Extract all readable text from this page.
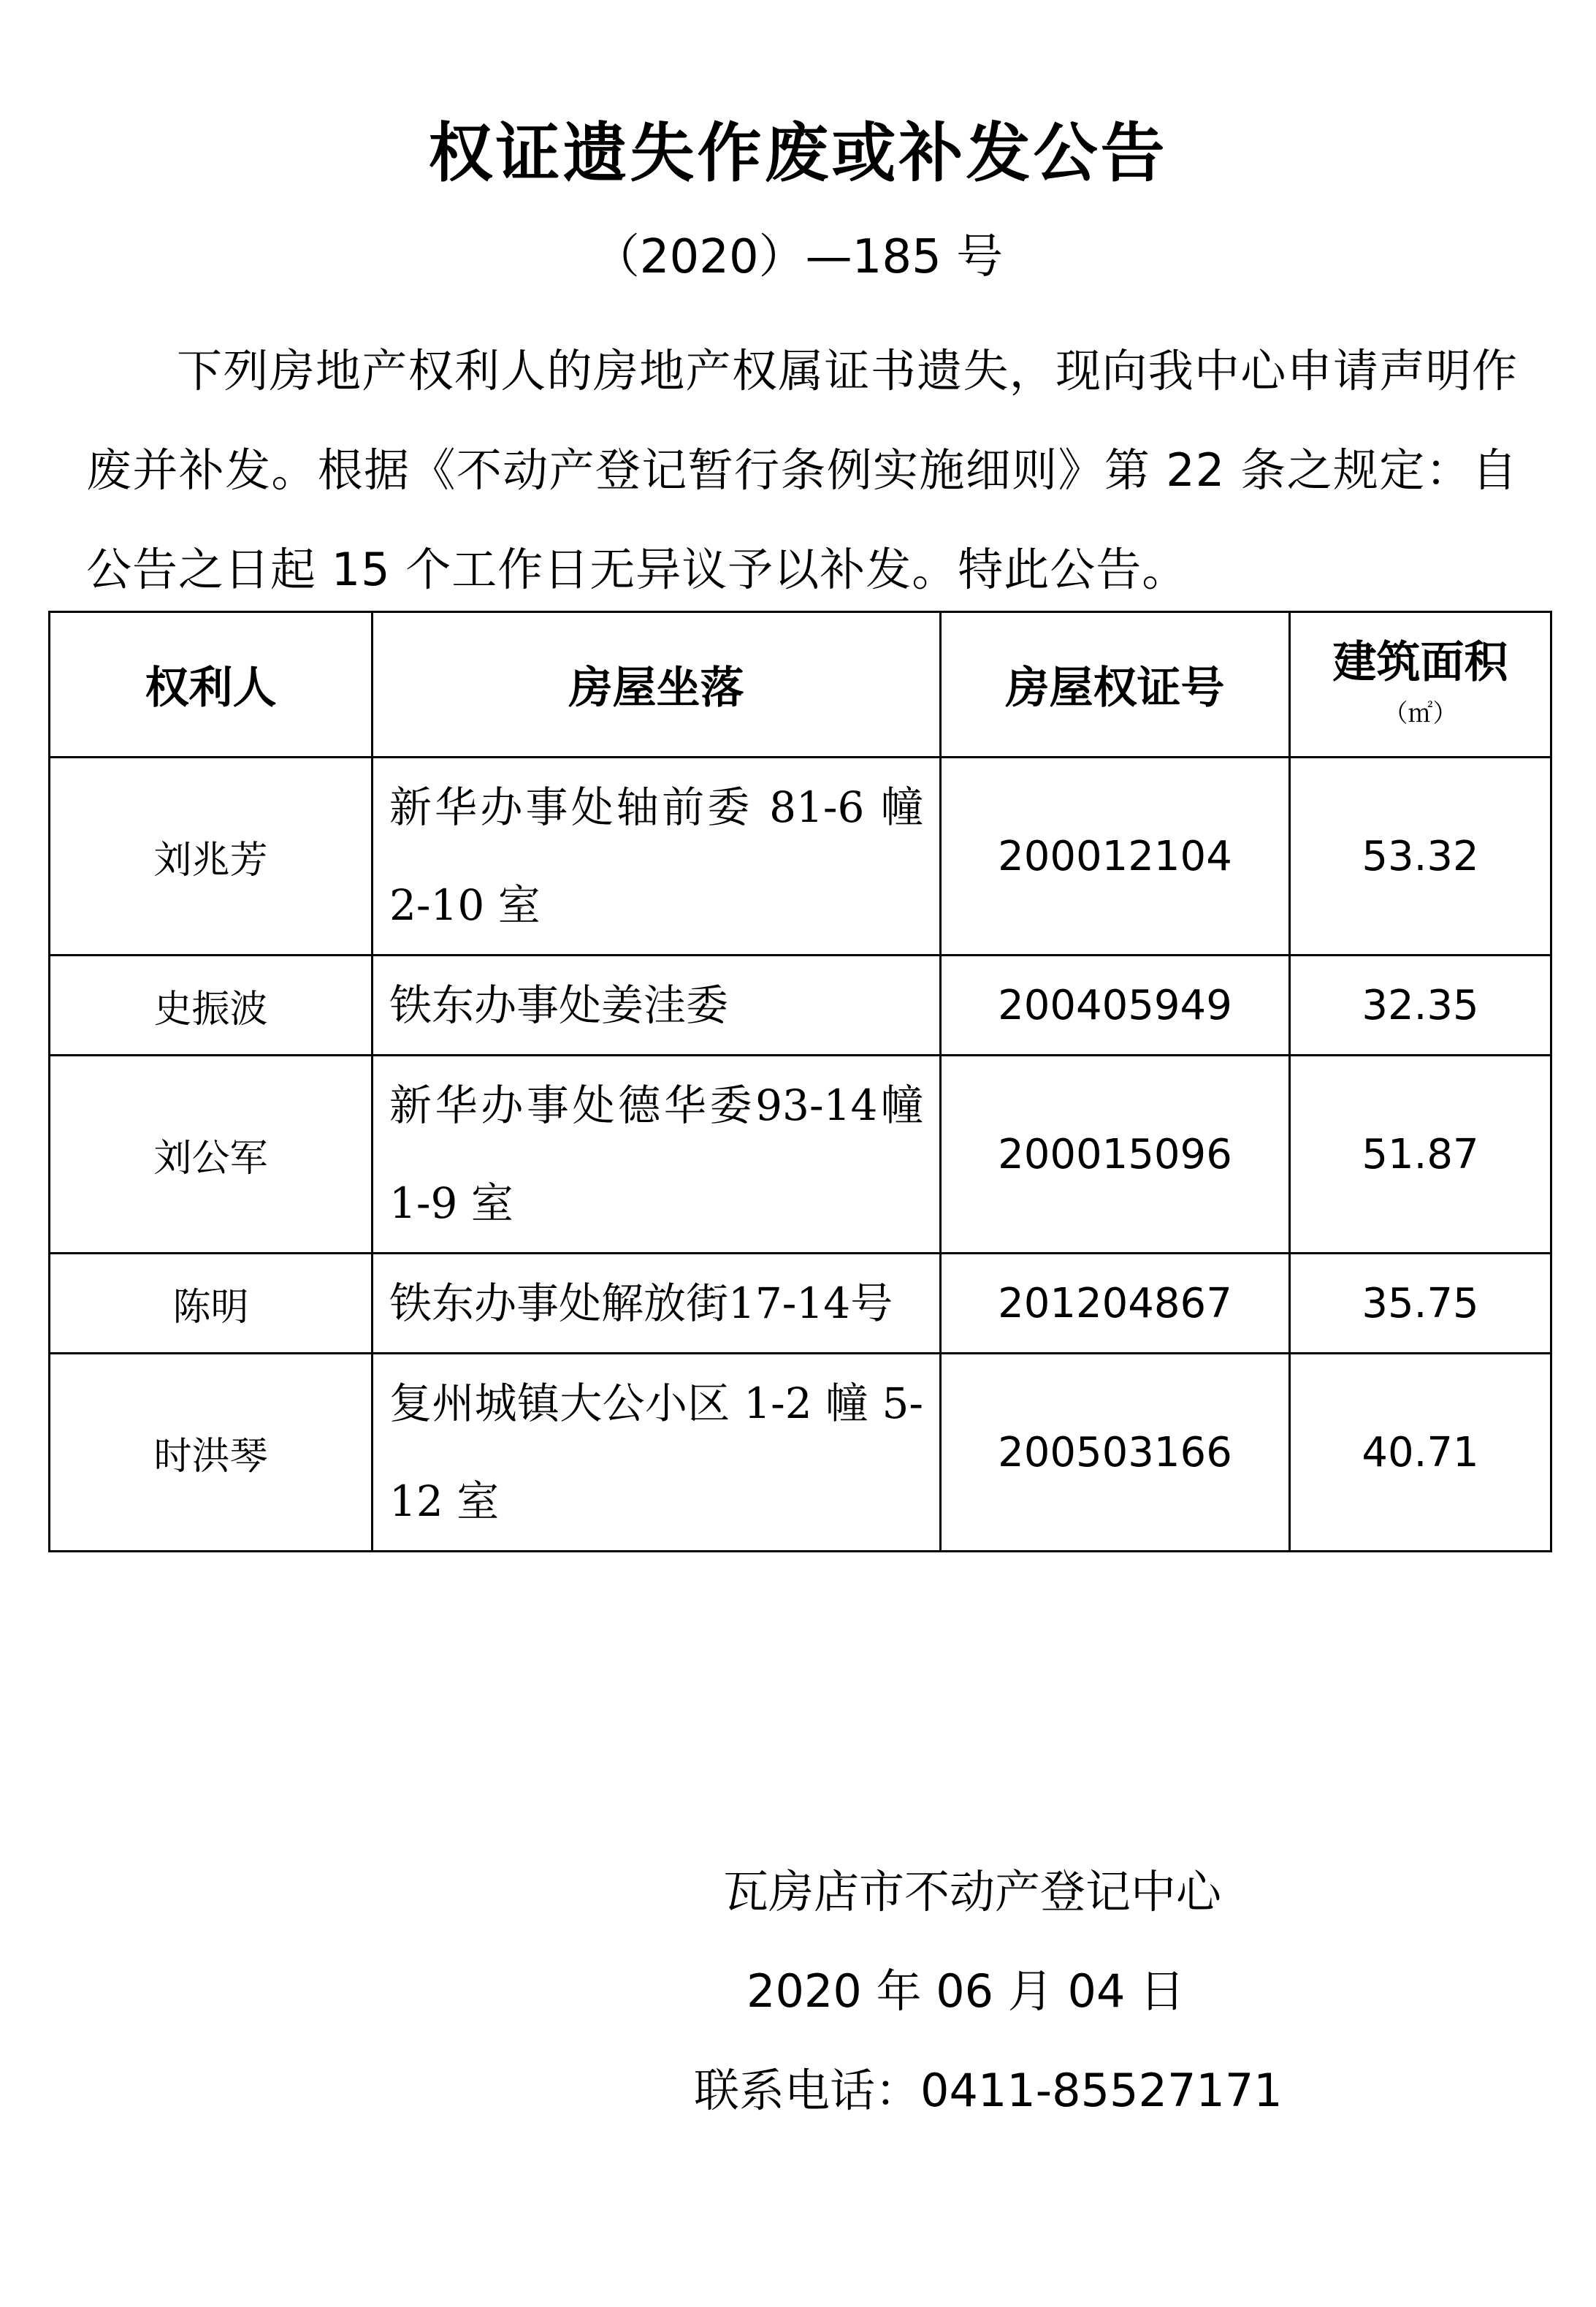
权证遗失作废或补发公告
（2020）—185 号
下列房地产权利人的房地产权属证书遗失，现向我中心申请声明作废并补发。根据《不动产登记暂行条例实施细则》第 22 条之规定：自公告之日起 15 个工作日无异议予以补发。特此公告。
权利人	房屋坐落	房屋权证号	建筑面积
（㎡）

刘兆芳	新华办事处轴前委 81-6 幢 2-10 室	200012104	53.32
史振波	铁东办事处姜洼委	200405949	32.35
刘公军	新华办事处德华委93-14幢 1-9 室	200015096	51.87
陈明	铁东办事处解放街17-14号	201204867	35.75
时洪琴	复州城镇大公小区 1-2 幢 5-12 室	200503166	40.71
瓦房店市不动产登记中心
2020 年 06 月 04 日
联系电话：0411-85527171
